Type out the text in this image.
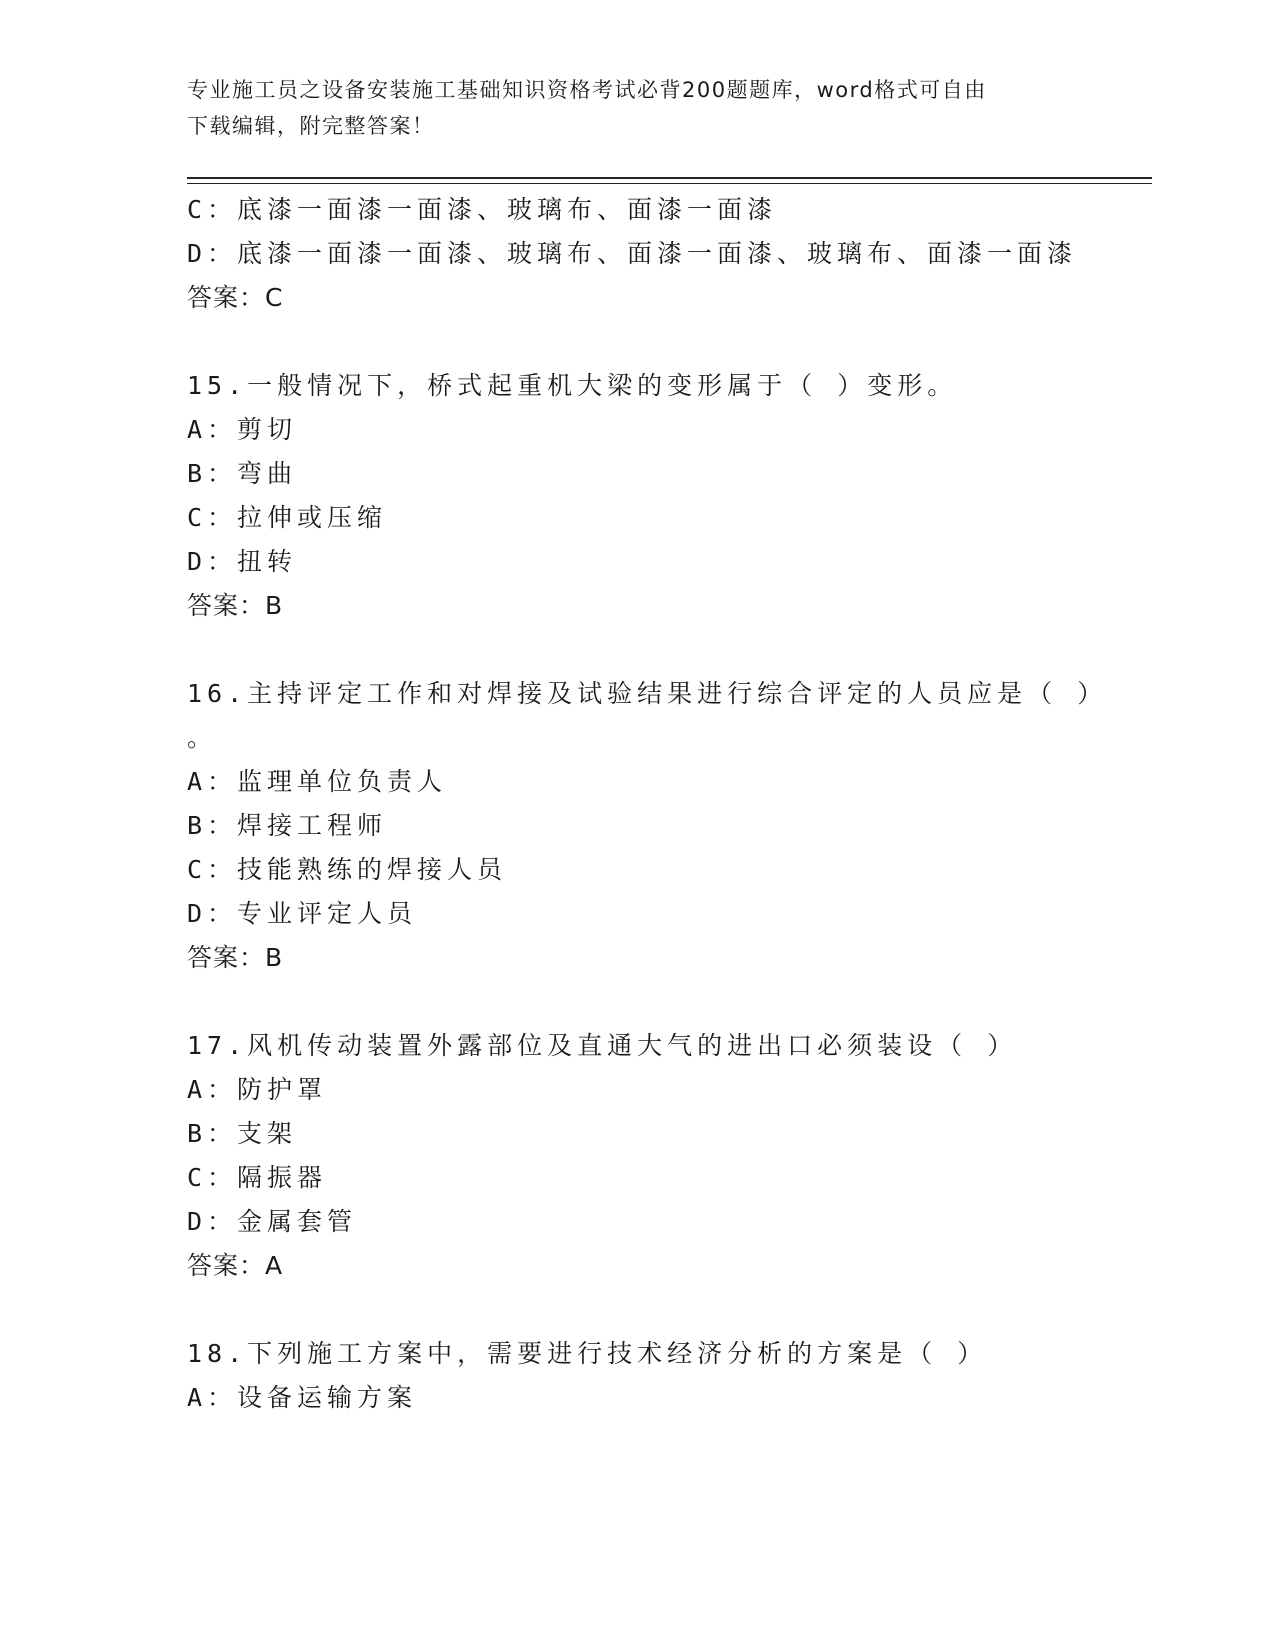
专业施工员之设备安装施工基础知识资格考试必背200题题库，word格式可自由
下载编辑，附完整答案！
C：底漆一面漆一面漆、玻璃布、面漆一面漆
D：底漆一面漆一面漆、玻璃布、面漆一面漆、玻璃布、面漆一面漆
答案：C
15.一般情况下，桥式起重机大梁的变形属于（ ）变形。
A：剪切
B：弯曲
C：拉伸或压缩
D：扭转
答案：B
16.主持评定工作和对焊接及试验结果进行综合评定的人员应是（ ）
。
A：监理单位负责人
B：焊接工程师
C：技能熟练的焊接人员
D：专业评定人员
答案：B
17.风机传动装置外露部位及直通大气的进出口必须装设（ ）
A：防护罩
B：支架
C：隔振器
D：金属套管
答案：A
18.下列施工方案中，需要进行技术经济分析的方案是（ ）
A：设备运输方案
